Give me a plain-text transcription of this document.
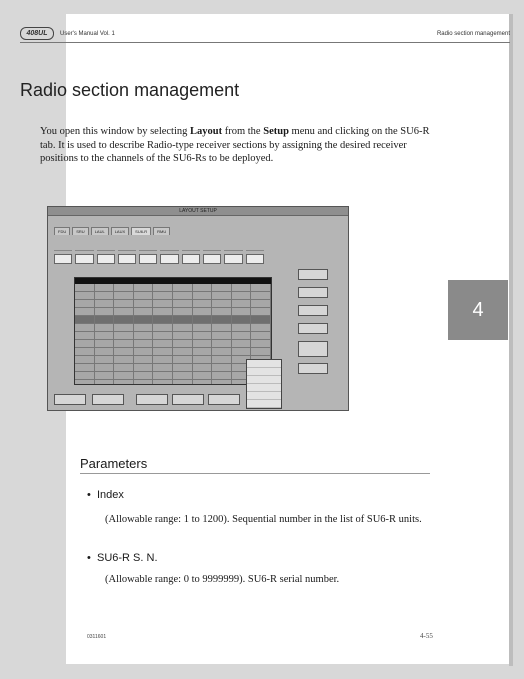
408UL	User's Manual Vol. 1	Radio section management
Radio section management

You open this window by selecting Layout from the Setup menu and clicking on the SU6-R tab. It is used to describe Radio-type receiver sections by assigning the desired receiver positions to the channels of the SU6-Rs to be deployed.

LAYOUT SETUP
FDU	SRU	LAUL	LAUX	SU6-R	RMU
4
Parameters
• Index

(Allowable range: 1 to 1200). Sequential number in the list of SU6-R units.

• SU6-R S. N.

(Allowable range: 0 to 9999999). SU6-R serial number.

0311601	4-55
